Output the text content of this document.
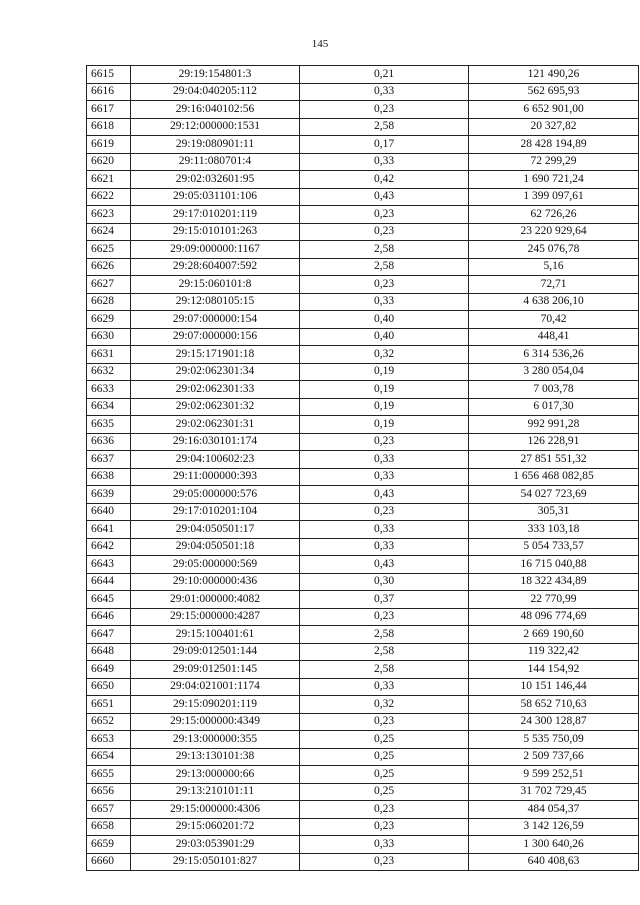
145
6615	29:19:154801:3	0,21	121 490,26
6616	29:04:040205:112	0,33	562 695,93
6617	29:16:040102:56	0,23	6 652 901,00
6618	29:12:000000:1531	2,58	20 327,82
6619	29:19:080901:11	0,17	28 428 194,89
6620	29:11:080701:4	0,33	72 299,29
6621	29:02:032601:95	0,42	1 690 721,24
6622	29:05:031101:106	0,43	1 399 097,61
6623	29:17:010201:119	0,23	62 726,26
6624	29:15:010101:263	0,23	23 220 929,64
6625	29:09:000000:1167	2,58	245 076,78
6626	29:28:604007:592	2,58	5,16
6627	29:15:060101:8	0,23	72,71
6628	29:12:080105:15	0,33	4 638 206,10
6629	29:07:000000:154	0,40	70,42
6630	29:07:000000:156	0,40	448,41
6631	29:15:171901:18	0,32	6 314 536,26
6632	29:02:062301:34	0,19	3 280 054,04
6633	29:02:062301:33	0,19	7 003,78
6634	29:02:062301:32	0,19	6 017,30
6635	29:02:062301:31	0,19	992 991,28
6636	29:16:030101:174	0,23	126 228,91
6637	29:04:100602:23	0,33	27 851 551,32
6638	29:11:000000:393	0,33	1 656 468 082,85
6639	29:05:000000:576	0,43	54 027 723,69
6640	29:17:010201:104	0,23	305,31
6641	29:04:050501:17	0,33	333 103,18
6642	29:04:050501:18	0,33	5 054 733,57
6643	29:05:000000:569	0,43	16 715 040,88
6644	29:10:000000:436	0,30	18 322 434,89
6645	29:01:000000:4082	0,37	22 770,99
6646	29:15:000000:4287	0,23	48 096 774,69
6647	29:15:100401:61	2,58	2 669 190,60
6648	29:09:012501:144	2,58	119 322,42
6649	29:09:012501:145	2,58	144 154,92
6650	29:04:021001:1174	0,33	10 151 146,44
6651	29:15:090201:119	0,32	58 652 710,63
6652	29:15:000000:4349	0,23	24 300 128,87
6653	29:13:000000:355	0,25	5 535 750,09
6654	29:13:130101:38	0,25	2 509 737,66
6655	29:13:000000:66	0,25	9 599 252,51
6656	29:13:210101:11	0,25	31 702 729,45
6657	29:15:000000:4306	0,23	484 054,37
6658	29:15:060201:72	0,23	3 142 126,59
6659	29:03:053901:29	0,33	1 300 640,26
6660	29:15:050101:827	0,23	640 408,63
